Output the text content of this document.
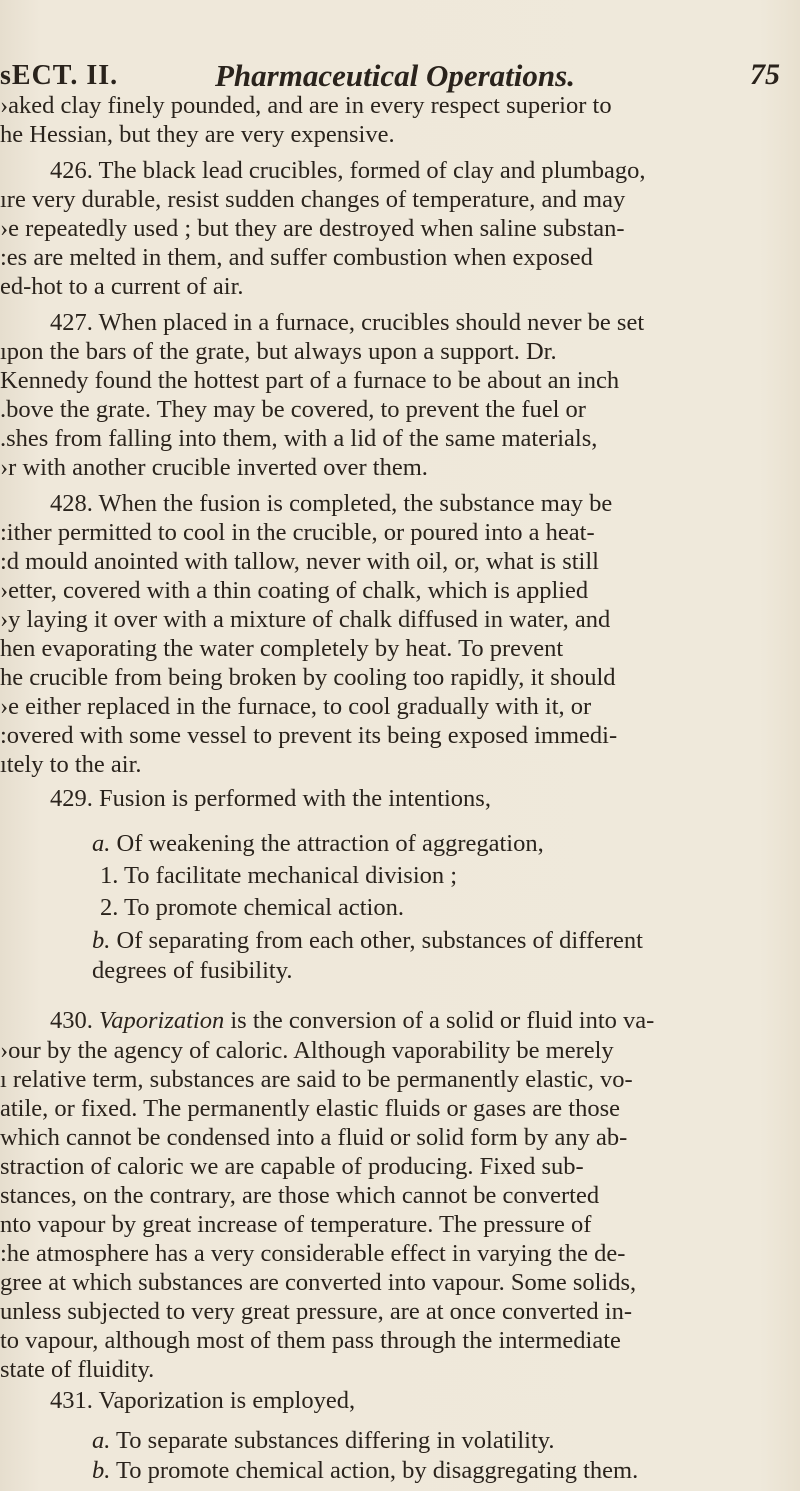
sECT. II.	Pharmaceutical Operations.	75
›aked clay finely pounded, and are in every respect superior to
he Hessian, but they are very expensive.
426. The black lead crucibles, formed of clay and plumbago,
ıre very durable, resist sudden changes of temperature, and may
›e repeatedly used ; but they are destroyed when saline substan-
:es are melted in them, and suffer combustion when exposed
ed-hot to a current of air.
427. When placed in a furnace, crucibles should never be set
ıpon the bars of the grate, but always upon a support. Dr.
Kennedy found the hottest part of a furnace to be about an inch
.bove the grate. They may be covered, to prevent the fuel or
.shes from falling into them, with a lid of the same materials,
›r with another crucible inverted over them.
428. When the fusion is completed, the substance may be
:ither permitted to cool in the crucible, or poured into a heat-
:d mould anointed with tallow, never with oil, or, what is still
›etter, covered with a thin coating of chalk, which is applied
›y laying it over with a mixture of chalk diffused in water, and
hen evaporating the water completely by heat. To prevent
he crucible from being broken by cooling too rapidly, it should
›e either replaced in the furnace, to cool gradually with it, or
:overed with some vessel to prevent its being exposed immedi-
ıtely to the air.
429. Fusion is performed with the intentions,
a. Of weakening the attraction of aggregation,
1. To facilitate mechanical division ;
2. To promote chemical action.
b. Of separating from each other, substances of different
degrees of fusibility.
430. Vaporization is the conversion of a solid or fluid into va-
›our by the agency of caloric. Although vaporability be merely
ı relative term, substances are said to be permanently elastic, vo-
atile, or fixed. The permanently elastic fluids or gases are those
which cannot be condensed into a fluid or solid form by any ab-
straction of caloric we are capable of producing. Fixed sub-
stances, on the contrary, are those which cannot be converted
nto vapour by great increase of temperature. The pressure of
:he atmosphere has a very considerable effect in varying the de-
gree at which substances are converted into vapour. Some solids,
unless subjected to very great pressure, are at once converted in-
to vapour, although most of them pass through the intermediate
state of fluidity.
431. Vaporization is employed,
a. To separate substances differing in volatility.
b. To promote chemical action, by disaggregating them.
